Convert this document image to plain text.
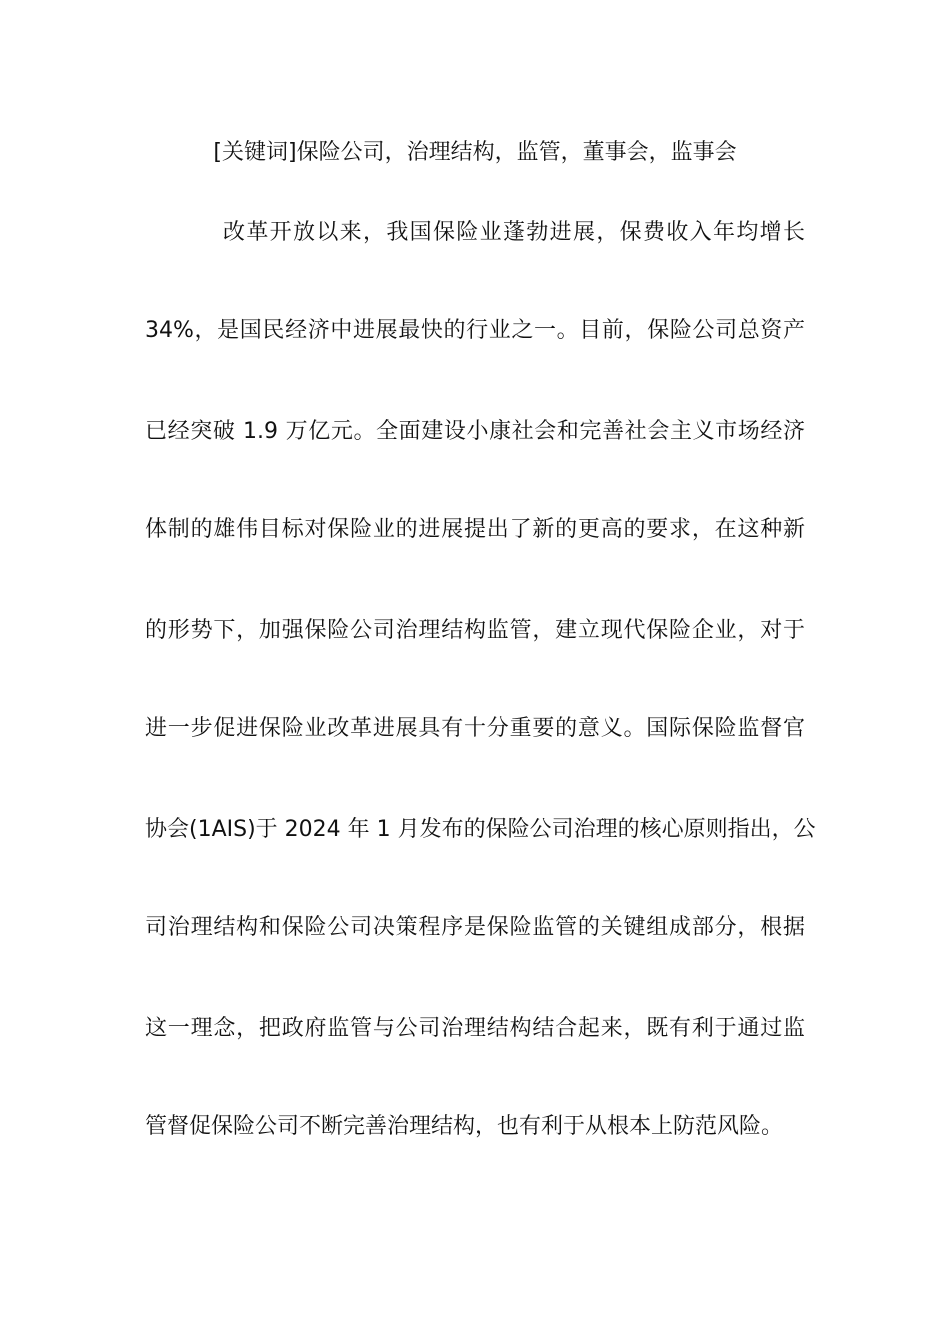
[关键词]保险公司，治理结构，监管，董事会，监事会
改革开放以来，我国保险业蓬勃进展，保费收入年均增长
34%，是国民经济中进展最快的行业之一。目前，保险公司总资产
已经突破 1.9 万亿元。全面建设小康社会和完善社会主义市场经济
体制的雄伟目标对保险业的进展提出了新的更高的要求，在这种新
的形势下，加强保险公司治理结构监管，建立现代保险企业，对于
进一步促进保险业改革进展具有十分重要的意义。国际保险监督官
协会(1AIS)于 2024 年 1 月发布的保险公司治理的核心原则指出，公
司治理结构和保险公司决策程序是保险监管的关键组成部分，根据
这一理念，把政府监管与公司治理结构结合起来，既有利于通过监
管督促保险公司不断完善治理结构，也有利于从根本上防范风险。
